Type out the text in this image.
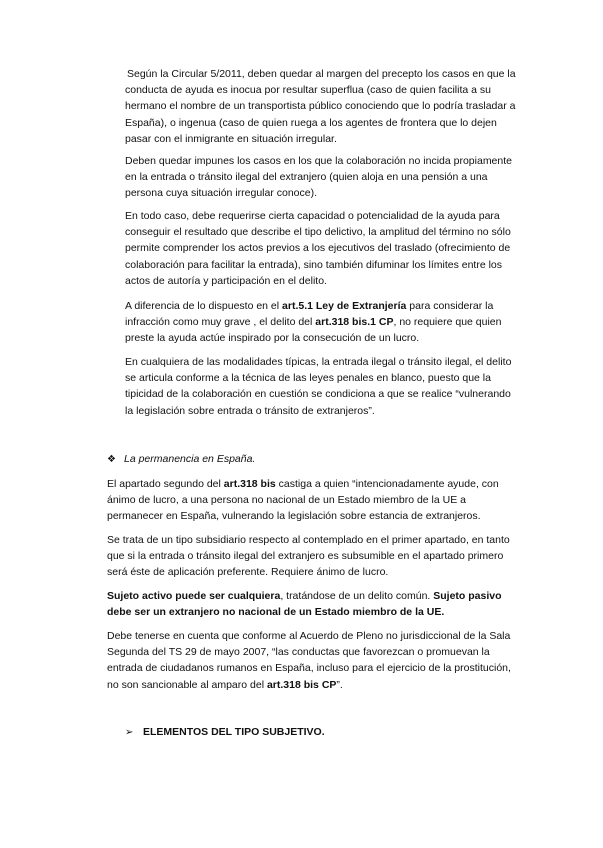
Según la Circular 5/2011, deben quedar al margen del precepto los casos en que la conducta de ayuda es inocua por resultar superflua (caso de quien facilita a su hermano el nombre de un transportista público conociendo que lo podría trasladar a España), o ingenua (caso de quien ruega a los agentes de frontera que lo dejen pasar con el inmigrante en situación irregular.

Deben quedar impunes los casos en los que la colaboración no incida propiamente en la entrada o tránsito ilegal del extranjero (quien aloja en una pensión a una persona cuya situación irregular conoce).

En todo caso, debe requerirse cierta capacidad o potencialidad de la ayuda para conseguir el resultado que describe el tipo delictivo, la amplitud del término no sólo permite comprender los actos previos a los ejecutivos del traslado (ofrecimiento de colaboración para facilitar la entrada), sino también difuminar los límites entre los actos de autoría y participación en el delito.

A diferencia de lo dispuesto en el art.5.1 Ley de Extranjería para considerar la infracción como muy grave , el delito del art.318 bis.1 CP, no requiere que quien preste la ayuda actúe inspirado por la consecución de un lucro.

En cualquiera de las modalidades típicas, la entrada ilegal o tránsito ilegal, el delito se articula conforme a la técnica de las leyes penales en blanco, puesto que la tipicidad de la colaboración en cuestión se condiciona a que se realice “vulnerando la legislación sobre entrada o tránsito de extranjeros”.

❖ La permanencia en España.

El apartado segundo del art.318 bis castiga a quien “intencionadamente ayude, con ánimo de lucro, a una persona no nacional de un Estado miembro de la UE a permanecer en España, vulnerando la legislación sobre estancia de extranjeros.

Se trata de un tipo subsidiario respecto al contemplado en el primer apartado, en tanto que si la entrada o tránsito ilegal del extranjero es subsumible en el apartado primero será éste de aplicación preferente. Requiere ánimo de lucro.

Sujeto activo puede ser cualquiera, tratándose de un delito común. Sujeto pasivo debe ser un extranjero no nacional de un Estado miembro de la UE.

Debe tenerse en cuenta que conforme al Acuerdo de Pleno no jurisdiccional de la Sala Segunda del TS 29 de mayo 2007, “las conductas que favorezcan o promuevan la entrada de ciudadanos rumanos en España, incluso para el ejercicio de la prostitución, no son sancionable al amparo del art.318 bis CP”.

➢ ELEMENTOS DEL TIPO SUBJETIVO.
